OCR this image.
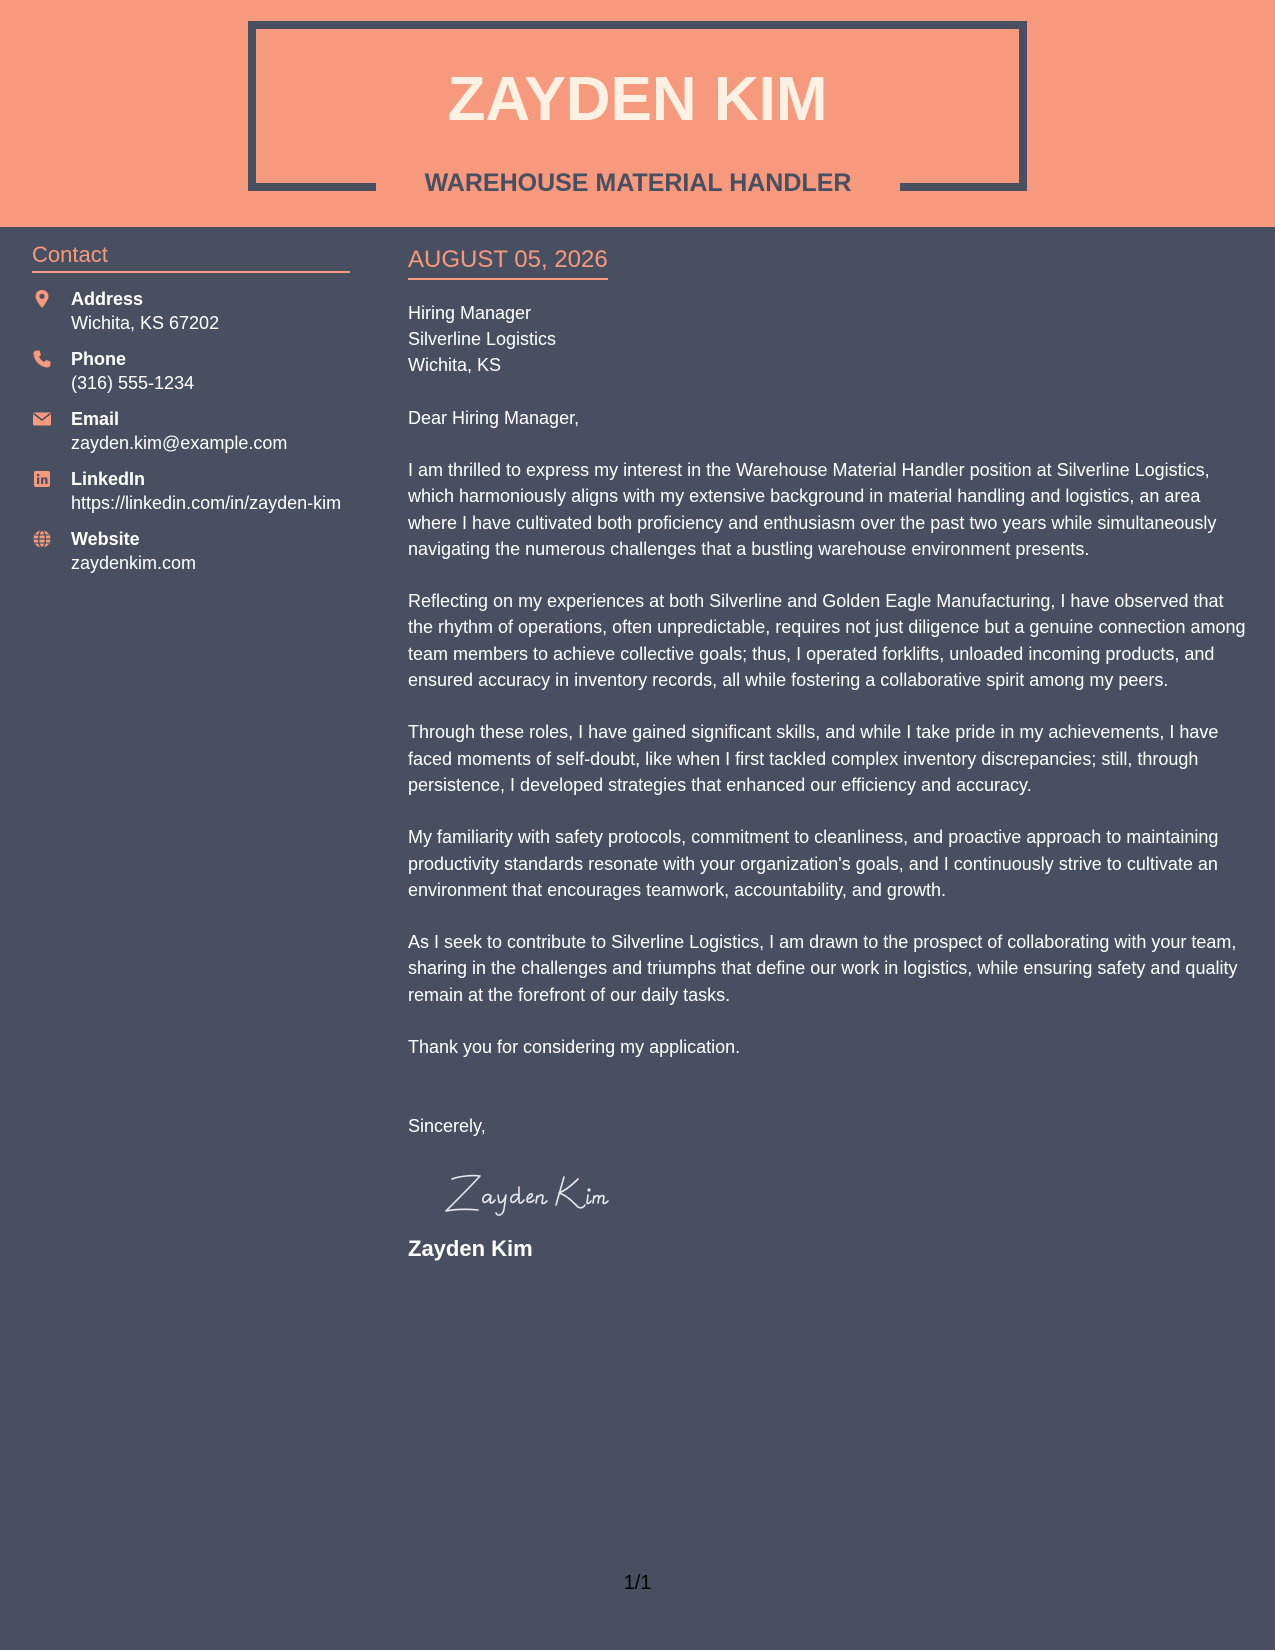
ZAYDEN KIM
WAREHOUSE MATERIAL HANDLER
Contact
Address
Wichita, KS 67202
Phone
(316) 555-1234
Email
zayden.kim@example.com
LinkedIn
https://linkedin.com/in/zayden-kim
Website
zaydenkim.com
AUGUST 05, 2026
Hiring Manager
Silverline Logistics
Wichita, KS
Dear Hiring Manager,
I am thrilled to express my interest in the Warehouse Material Handler position at Silverline Logistics, which harmoniously aligns with my extensive background in material handling and logistics, an area where I have cultivated both proficiency and enthusiasm over the past two years while simultaneously navigating the numerous challenges that a bustling warehouse environment presents.
Reflecting on my experiences at both Silverline and Golden Eagle Manufacturing, I have observed that the rhythm of operations, often unpredictable, requires not just diligence but a genuine connection among team members to achieve collective goals; thus, I operated forklifts, unloaded incoming products, and ensured accuracy in inventory records, all while fostering a collaborative spirit among my peers.
Through these roles, I have gained significant skills, and while I take pride in my achievements, I have faced moments of self-doubt, like when I first tackled complex inventory discrepancies; still, through persistence, I developed strategies that enhanced our efficiency and accuracy.
My familiarity with safety protocols, commitment to cleanliness, and proactive approach to maintaining productivity standards resonate with your organization's goals, and I continuously strive to cultivate an environment that encourages teamwork, accountability, and growth.
As I seek to contribute to Silverline Logistics, I am drawn to the prospect of collaborating with your team, sharing in the challenges and triumphs that define our work in logistics, while ensuring safety and quality remain at the forefront of our daily tasks.
Thank you for considering my application.
Sincerely,
Zayden Kim
1/1
